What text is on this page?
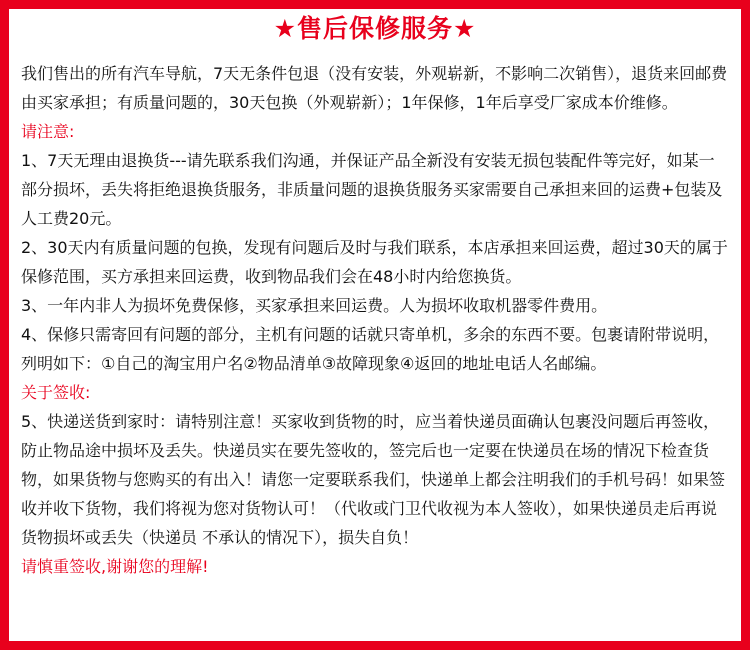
★售后保修服务★

我们售出的所有汽车导航，7天无条件包退（没有安装，外观崭新，不影响二次销售），退货来回邮费由买家承担；有质量问题的，30天包换（外观崭新）；1年保修，1年后享受厂家成本价维修。

请注意:

1、7天无理由退换货---请先联系我们沟通，并保证产品全新没有安装无损包装配件等完好，如某一部分损坏，丢失将拒绝退换货服务，非质量问题的退换货服务买家需要自己承担来回的运费+包装及人工费20元。

2、30天内有质量问题的包换，发现有问题后及时与我们联系，本店承担来回运费，超过30天的属于保修范围，买方承担来回运费，收到物品我们会在48小时内给您换货。

3、一年内非人为损坏免费保修，买家承担来回运费。人为损坏收取机器零件费用。

4、保修只需寄回有问题的部分，主机有问题的话就只寄单机，多余的东西不要。包裹请附带说明，列明如下：①自己的淘宝用户名②物品清单③故障现象④返回的地址电话人名邮编。

关于签收:

5、快递送货到家时：请特别注意！买家收到货物的时，应当着快递员面确认包裹没问题后再签收，防止物品途中损坏及丢失。快递员实在要先签收的，签完后也一定要在快递员在场的情况下检查货物，如果货物与您购买的有出入！请您一定要联系我们，快递单上都会注明我们的手机号码！如果签收并收下货物，我们将视为您对货物认可！（代收或门卫代收视为本人签收），如果快递员走后再说货物损坏或丢失（快递员 不承认的情况下），损失自负！

请慎重签收,谢谢您的理解!
